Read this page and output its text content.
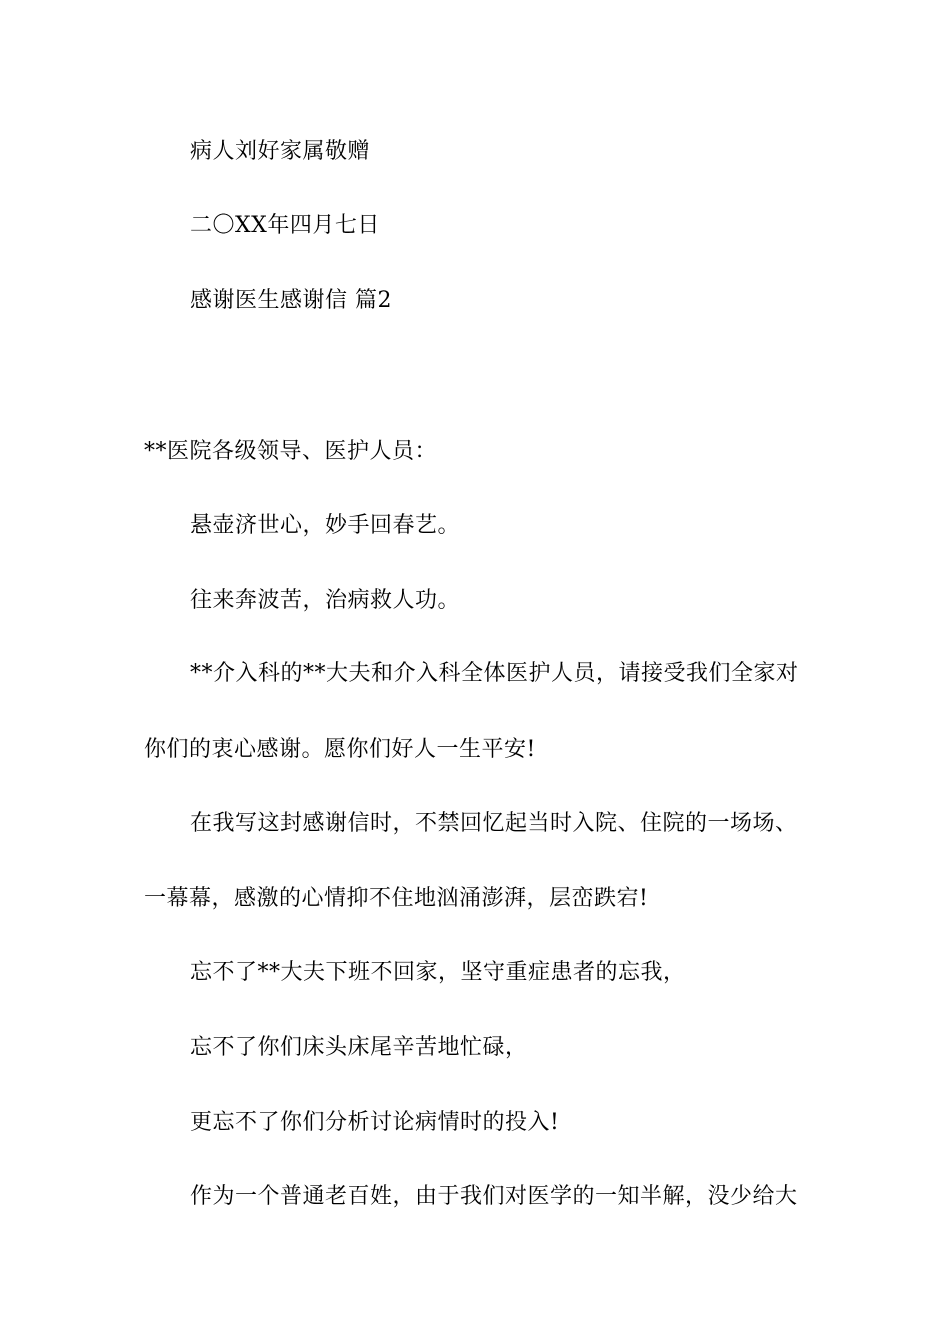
病人刘好家属敬赠
二〇XX年四月七日
感谢医生感谢信 篇2
**医院各级领导、医护人员：
悬壶济世心，妙手回春艺。
往来奔波苦，治病救人功。
**介入科的**大夫和介入科全体医护人员，请接受我们全家对
你们的衷心感谢。愿你们好人一生平安!
在我写这封感谢信时，不禁回忆起当时入院、住院的一场场、
一幕幕，感激的心情抑不住地汹涌澎湃，层峦跌宕!
忘不了**大夫下班不回家，坚守重症患者的忘我，
忘不了你们床头床尾辛苦地忙碌，
更忘不了你们分析讨论病情时的投入!
作为一个普通老百姓，由于我们对医学的一知半解，没少给大
